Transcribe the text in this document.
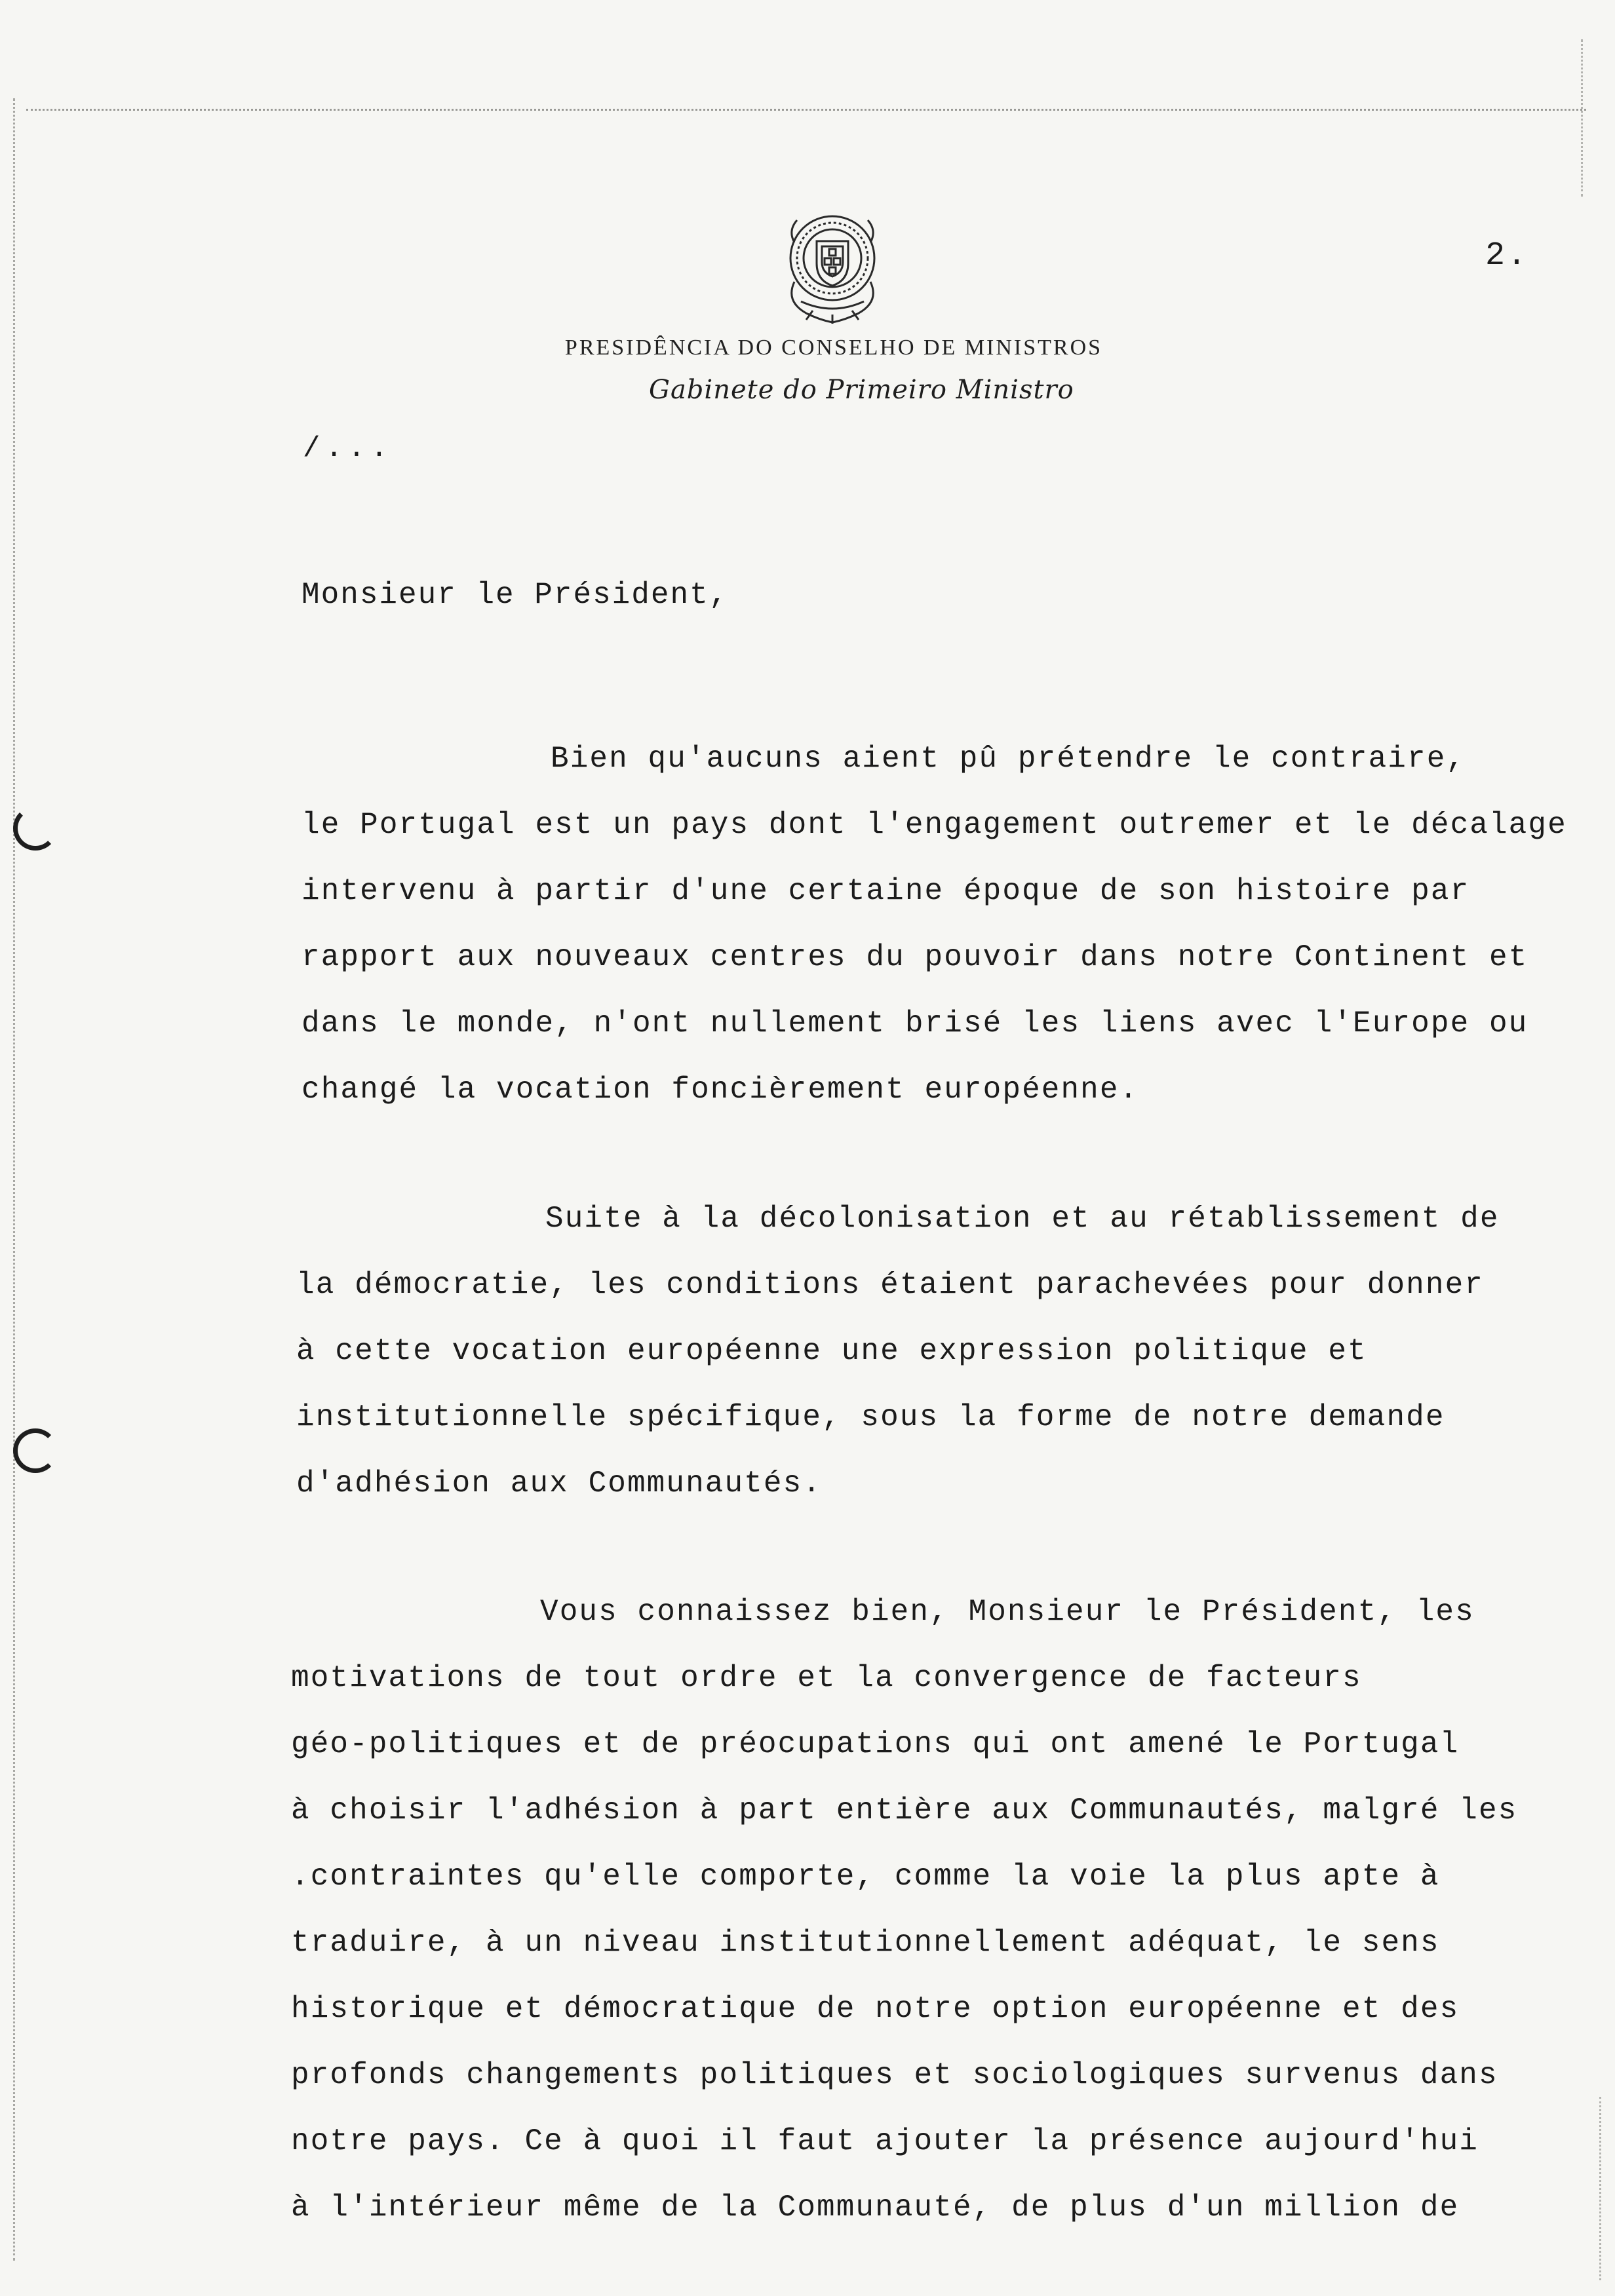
2.
PRESIDÊNCIA DO CONSELHO DE MINISTROS
Gabinete do Primeiro Ministro
/...
Monsieur le Président,
Bien qu'aucuns aient pû prétendre le contraire,
le Portugal est un pays dont l'engagement outremer et le décalage
intervenu à partir d'une certaine époque de son histoire par
rapport aux nouveaux centres du pouvoir dans notre Continent et
dans le monde, n'ont nullement brisé les liens avec l'Europe ou
changé la vocation foncièrement européenne.
Suite à la décolonisation et au rétablissement de
la démocratie, les conditions étaient parachevées pour donner
à cette vocation européenne une expression politique et
institutionnelle spécifique, sous la forme de notre demande
d'adhésion aux Communautés.
Vous connaissez bien, Monsieur le Président, les
motivations de tout ordre et la convergence de facteurs
géo-politiques et de préocupations qui ont amené le Portugal
à choisir l'adhésion à part entière aux Communautés, malgré les
.contraintes qu'elle comporte, comme la voie la plus apte à
traduire, à un niveau institutionnellement adéquat, le sens
historique et démocratique de notre option européenne et des
profonds changements politiques et sociologiques survenus dans
notre pays. Ce à quoi il faut ajouter la présence aujourd'hui
à l'intérieur même de la Communauté, de plus d'un million de
